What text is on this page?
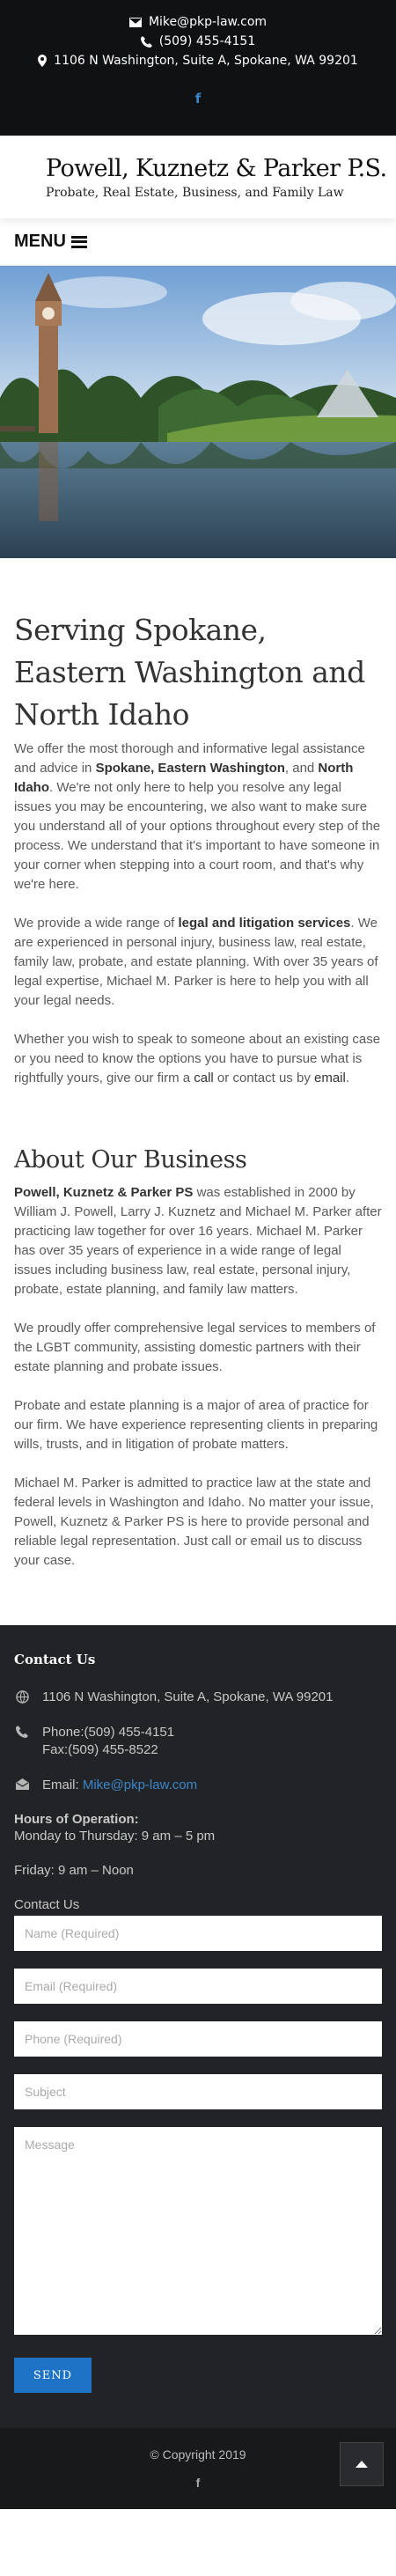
Mike@pkp-law.com
(509) 455-4151
1106 N Washington, Suite A, Spokane, WA 99201
f
Powell, Kuznetz & Parker P.S.
Probate, Real Estate, Business, and Family Law
MENU
Serving Spokane, Eastern Washington and North Idaho

We offer the most thorough and informative legal assistance and advice in Spokane, Eastern Washington, and North Idaho. We're not only here to help you resolve any legal issues you may be encountering, we also want to make sure you understand all of your options throughout every step of the process. We understand that it's important to have someone in your corner when stepping into a court room, and that's why we're here.

We provide a wide range of legal and litigation services. We are experienced in personal injury, business law, real estate, family law, probate, and estate planning. With over 35 years of legal expertise, Michael M. Parker is here to help you with all your legal needs.

Whether you wish to speak to someone about an existing case or you need to know the options you have to pursue what is rightfully yours, give our firm a call or contact us by email.

About Our Business

Powell, Kuznetz & Parker PS was established in 2000 by William J. Powell, Larry J. Kuznetz and Michael M. Parker after practicing law together for over 16 years. Michael M. Parker has over 35 years of experience in a wide range of legal issues including business law, real estate, personal injury, probate, estate planning, and family law matters.

We proudly offer comprehensive legal services to members of the LGBT community, assisting domestic partners with their estate planning and probate issues.

Probate and estate planning is a major of area of practice for our firm. We have experience representing clients in preparing wills, trusts, and in litigation of probate matters.

Michael M. Parker is admitted to practice law at the state and federal levels in Washington and Idaho. No matter your issue, Powell, Kuznetz & Parker PS is here to provide personal and reliable legal representation. Just call or email us to discuss your case.

Contact Us
1106 N Washington, Suite A, Spokane, WA 99201
Phone:(509) 455-4151
Fax:(509) 455-8522
Email: Mike@pkp-law.com
Hours of Operation:
Monday to Thursday: 9 am – 5 pm
Friday: 9 am – Noon
Contact Us
Name (Required)
Email (Required)
Phone (Required)
Subject
Message SEND
© Copyright 2019
f
